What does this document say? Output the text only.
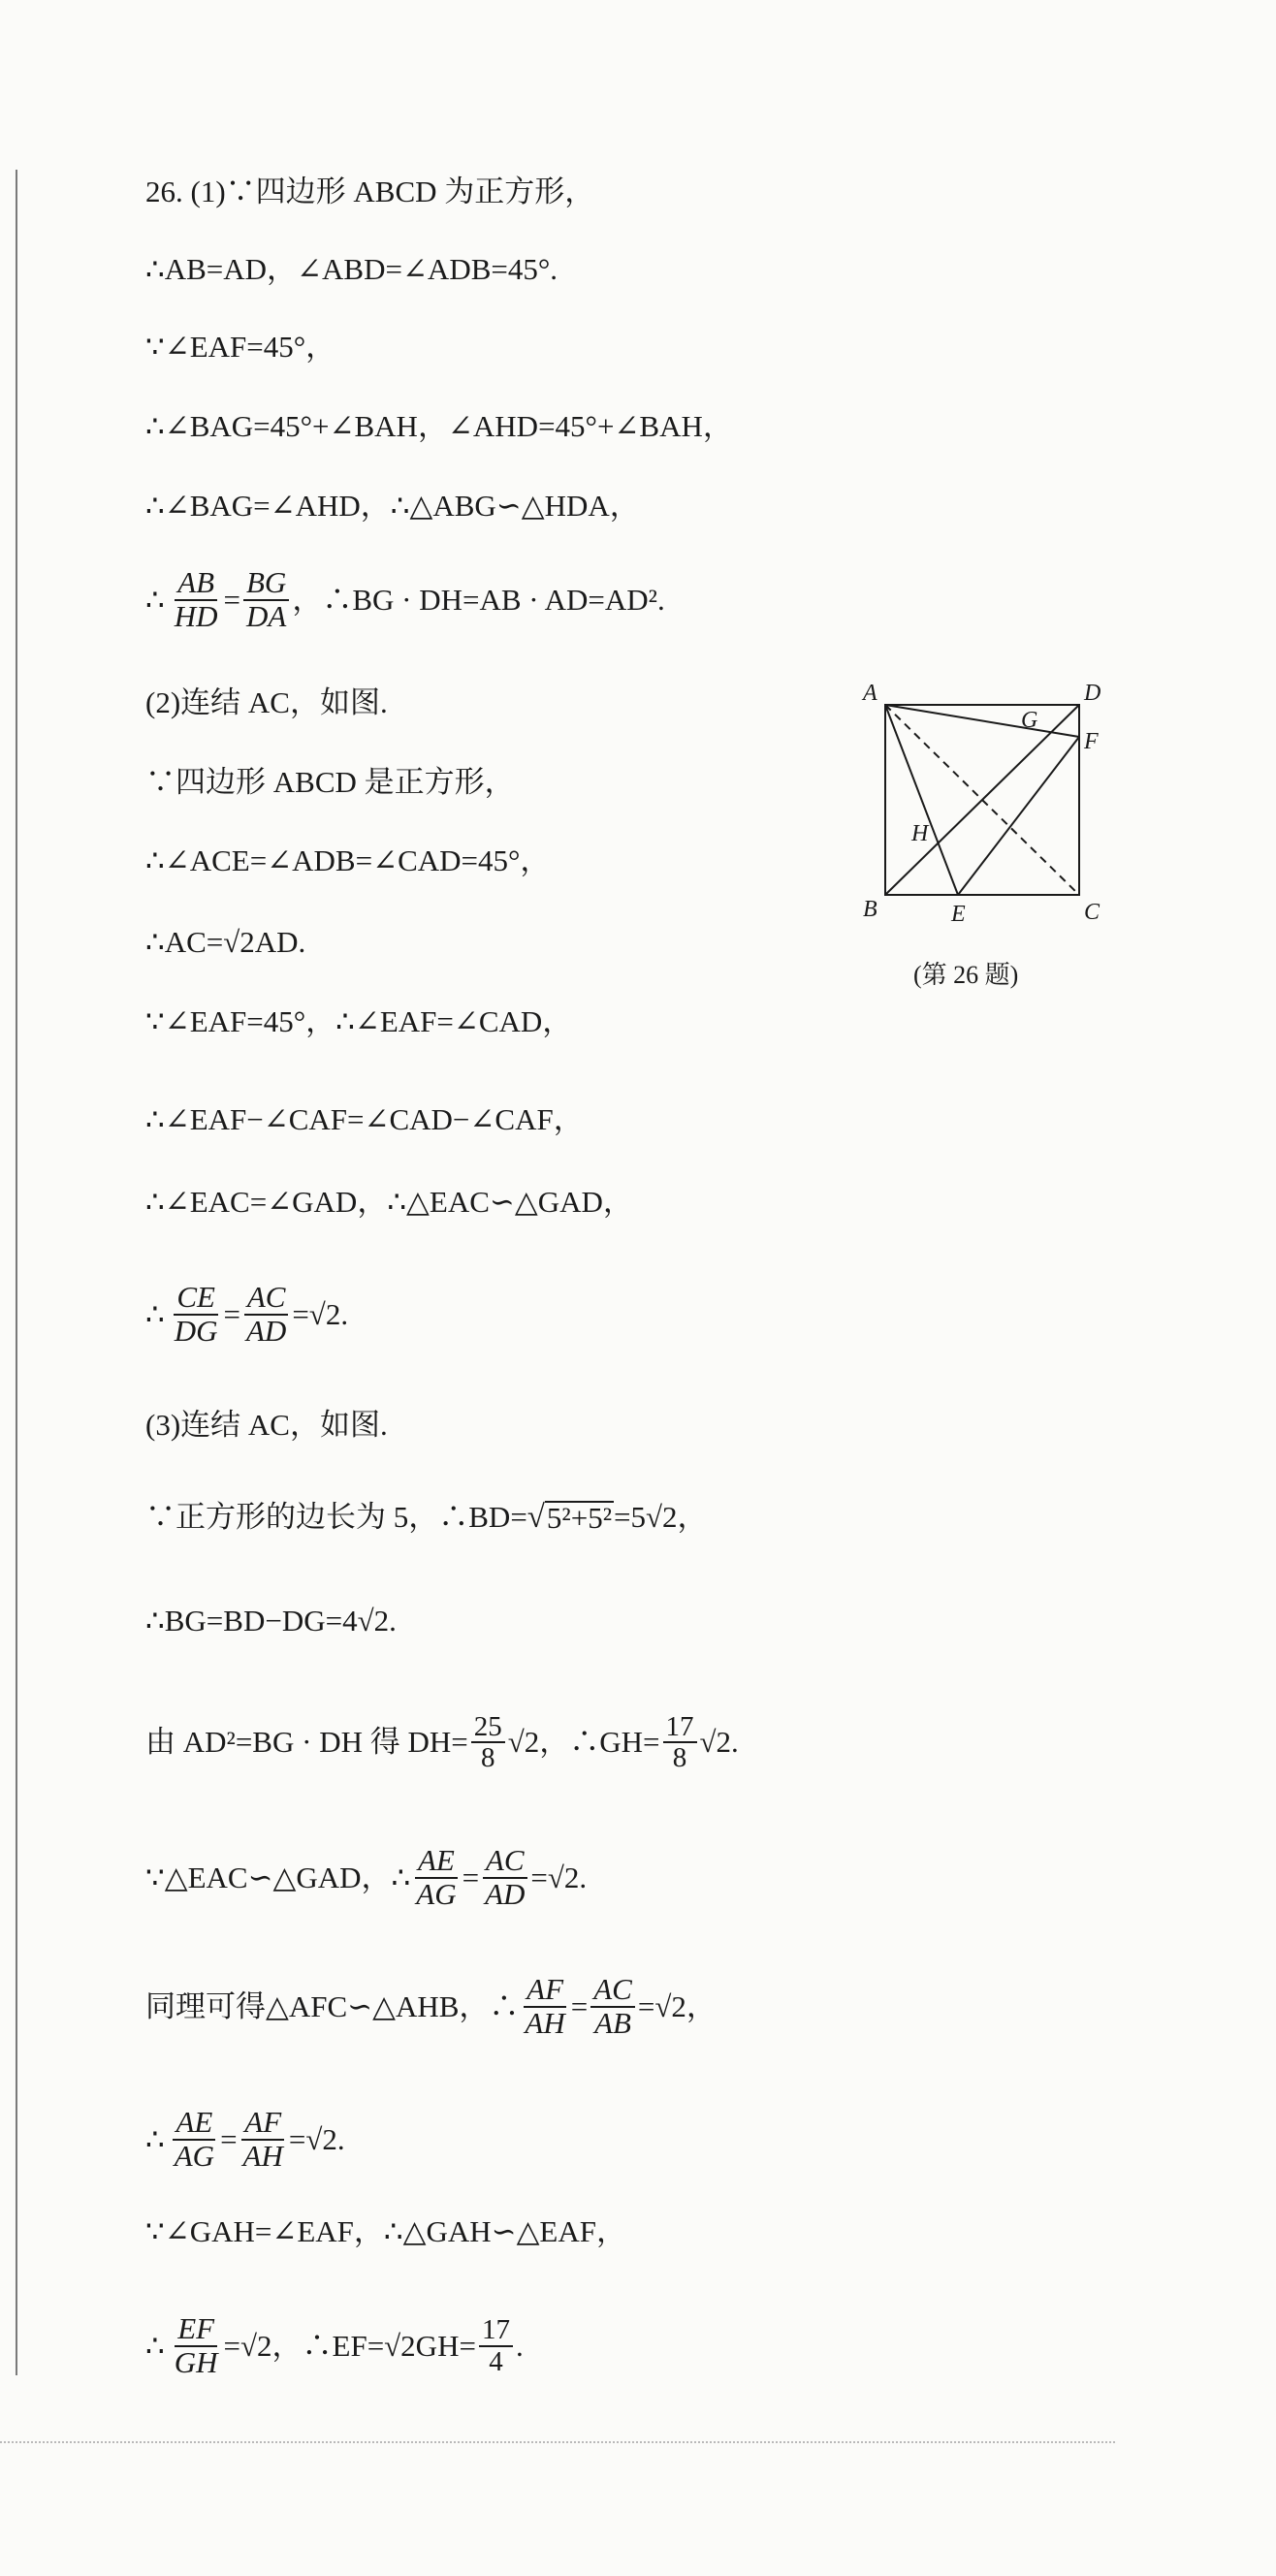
26. (1)∵四边形 ABCD 为正方形，
∴AB=AD，∠ABD=∠ADB=45°.
∵∠EAF=45°，
∴∠BAG=45°+∠BAH，∠AHD=45°+∠BAH，
∴∠BAG=∠AHD，∴△ABG∽△HDA，
∴ $\frac{AB}{HD} = \frac{BG}{DA}$ ，∴BG · DH=AB · AD=AD².
(2)连结 AC，如图.
∵四边形 ABCD 是正方形，
∴∠ACE=∠ADB=∠CAD=45°，
∴AC=√2AD.
∵∠EAF=45°，∴∠EAF=∠CAD，
∴∠EAF−∠CAF=∠CAD−∠CAF，
∴∠EAC=∠GAD，∴△EAC∽△GAD，
∴ $\frac{CE}{DG} = \frac{AC}{AD} =√2$.
(3)连结 AC，如图.
∵正方形的边长为 5，∴BD= √ 5²+5² =5√2，
∴BG=BD−DG=4√2.
由 AD²=BG · DH 得 $DH= \frac{25}{8} √2$，∴GH= $\frac{17}{8} √2$.
∵△EAC∽△GAD，∴ $\frac{AE}{AG} = \frac{AC}{AD} =√2$.
同理可得△AFC∽△AHB，∴ $\frac{AF}{AH} = \frac{AC}{AB} =√2$，
∴ $\frac{AE}{AG} = \frac{AF}{AH} =√2$.
∵∠GAH=∠EAF，∴△GAH∽△EAF，
∴ $\frac{EF}{GH} =√2$，∴EF=√2GH= $\frac{17}{4}$ .
A	D
F
G
H
B	E	C
(第 26 题)
